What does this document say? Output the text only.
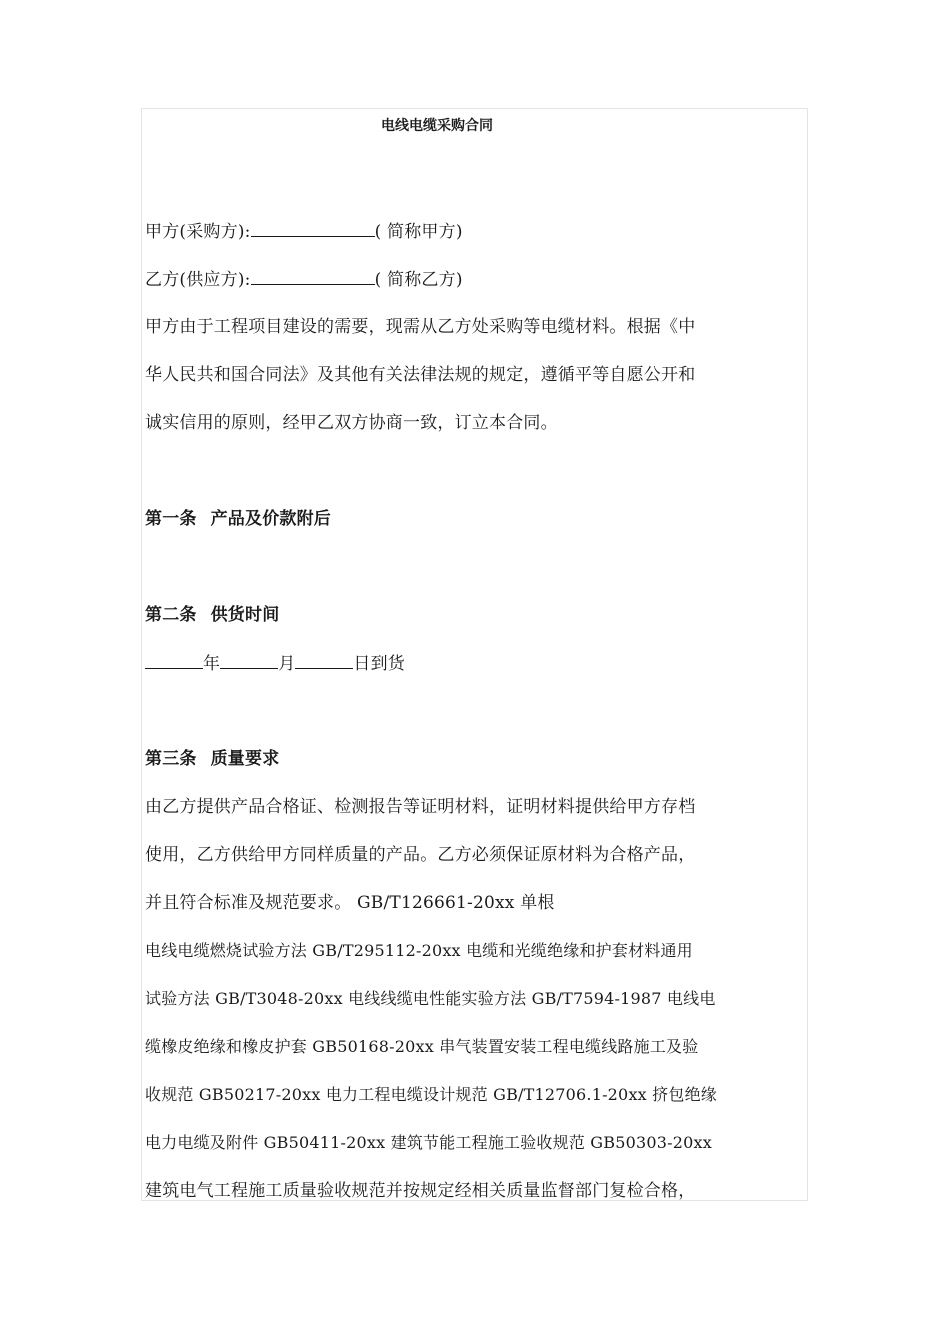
电线电缆采购合同
甲方(采购方):	( 简称甲方)
乙方(供应方):	( 简称乙方)
甲方由于工程项目建设的需要，现需从乙方处采购等电缆材料。根据《中
华人民共和国合同法》及其他有关法律法规的规定，遵循平等自愿公开和
诚实信用的原则，经甲乙双方协商一致，订立本合同。
第一条 产品及价款附后
第二条 供货时间
年	月	日到货
第三条 质量要求
由乙方提供产品合格证、检测报告等证明材料，证明材料提供给甲方存档
使用，乙方供给甲方同样质量的产品。乙方必须保证原材料为合格产品，
并且符合标准及规范要求。 GB/T126661-20xx 单根
电线电缆燃烧试验方法 GB/T295112-20xx 电缆和光缆绝缘和护套材料通用
试验方法 GB/T3048-20xx 电线线缆电性能实验方法 GB/T7594-1987 电线电
缆橡皮绝缘和橡皮护套 GB50168-20xx 串气装置安装工程电缆线路施工及验
收规范 GB50217-20xx 电力工程电缆设计规范 GB/T12706.1-20xx 挤包绝缘
电力电缆及附件 GB50411-20xx 建筑节能工程施工验收规范 GB50303-20xx
建筑电气工程施工质量验收规范并按规定经相关质量监督部门复检合格，
